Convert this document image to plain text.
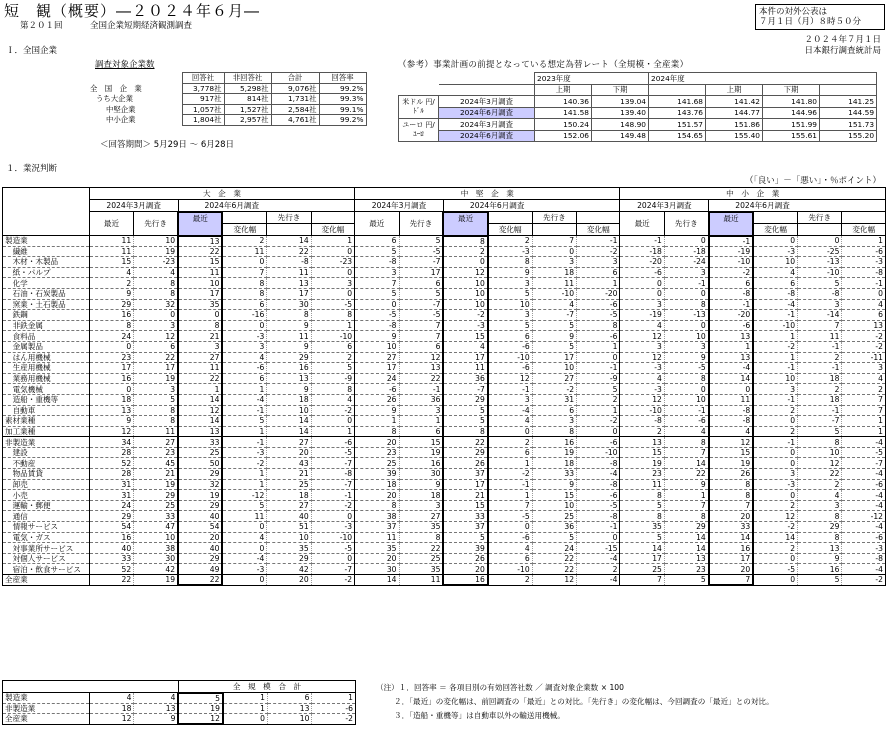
短　観（概要）―２０２４年６月―
第２０１回	全国企業短期経済観測調査
本件の対外公表は
７月１日（月）８時５０分
２０２４年７月１日
日本銀行調査統計局
Ｉ．全国企業
調査対象企業数
	回答社	非回答社	合計	回答率
全　国　企　業	3,778社	5,298社	9,076社	99.2%
うち大企業	917社	814社	1,731社	99.3%
中堅企業	1,057社	1,527社	2,584社	99.1%
中小企業	1,804社	2,957社	4,761社	99.2%
＜回答期間＞ 5月29日 ～ 6月28日
（参考）事業計画の前提となっている想定為替レート（全規模・全産業）
		2023年度		2024年度			
		上期	下期		上期	下期	
米ドル 円/ﾄﾞﾙ	2024年3月調査	140.36	139.04	141.68	141.42	141.80	141.25
	2024年6月調査	141.58	139.40	143.76	144.77	144.96	144.59
ユーロ 円/ﾕｰﾛ	2024年3月調査	150.24	148.90	151.57	151.86	151.99	151.73
	2024年6月調査	152.06	149.48	154.65	155.40	155.61	155.20
１．業況判断
（「良い」－「悪い」・％ポイント）
	大　企　業						中　堅　企　業						中　小　企　業					
	2024年3月調査		2024年6月調査				2024年3月調査		2024年6月調査				2024年3月調査		2024年6月調査			
	最近	先行き	最近		先行き		最近	先行き	最近		先行き		最近	先行き	最近		先行き	
				変化幅		変化幅				変化幅		変化幅				変化幅		変化幅
製造業	11	10	13	2	14	1	6	5	8	2	7	-1	-1	0	-1	0	0	1
　繊維	11	19	22	11	22	0	5	-5	2	-3	0	-2	-18	-18	-19	-3	-25	-6
　木材・木製品	15	-23	15	0	-8	-23	-8	-7	0	8	3	3	-20	-24	-10	10	-13	-3
　紙・パルプ	4	4	11	7	11	0	3	17	12	9	18	6	-6	3	-2	4	-10	-8
　化学	2	8	10	8	13	3	7	6	10	3	11	1	0	-1	6	6	5	-1
　石油・石炭製品	9	8	17	8	17	0	5	5	10	5	-10	-20	0	0	-8	-8	-8	0
　窯業・土石製品	29	32	35	6	30	-5	0	-7	10	10	4	-6	3	8	-1	-4	3	4
　鉄鋼	16	0	0	-16	8	8	-5	-5	-2	3	-7	-5	-19	-13	-20	-1	-14	6
　非鉄金属	8	3	8	0	9	1	-8	7	-3	5	5	8	4	0	-6	-10	7	13
　食料品	24	12	21	-3	11	-10	9	7	15	6	9	-6	12	10	13	1	11	-2
　金属製品	0	6	3	3	9	6	10	6	4	-6	5	1	3	3	1	-2	-1	-2
　はん用機械	23	22	27	4	29	2	27	12	17	-10	17	0	12	9	13	1	2	-11
　生産用機械	17	17	11	-6	16	5	17	13	11	-6	10	-1	-3	-5	-4	-1	-1	3
　業務用機械	16	19	22	6	13	-9	24	22	36	12	27	-9	4	8	14	10	18	4
　電気機械	0	3	1	1	9	8	-6	-1	-7	-1	-2	5	-3	0	0	3	2	2
　造船・重機等	18	5	14	-4	18	4	26	36	29	3	31	2	12	10	11	-1	18	7
　自動車	13	8	12	-1	10	-2	9	3	5	-4	6	1	-10	-1	-8	2	-1	7
素材業種	9	8	14	5	14	0	1	1	5	4	3	-2	-8	-6	-8	0	-7	1
加工業種	12	11	13	1	14	1	8	6	8	0	8	0	2	4	4	2	5	1
非製造業	34	27	33	-1	27	-6	20	15	22	2	16	-6	13	8	12	-1	8	-4
　建設	28	23	25	-3	20	-5	23	19	29	6	19	-10	15	7	15	0	10	-5
　不動産	52	45	50	-2	43	-7	25	16	26	1	18	-8	19	14	19	0	12	-7
　物品賃貸	28	21	29	1	21	-8	39	30	37	-2	33	-4	23	22	26	3	22	-4
　卸売	31	19	32	1	25	-7	18	9	17	-1	9	-8	11	9	8	-3	2	-6
　小売	31	29	19	-12	18	-1	20	18	21	1	15	-6	8	1	8	0	4	-4
　運輸・郵便	24	25	29	5	27	-2	8	3	15	7	10	-5	5	7	7	2	3	-4
　通信	29	33	40	11	40	0	38	27	33	-5	25	-8	8	8	20	12	8	-12
　情報サービス	54	47	54	0	51	-3	37	35	37	0	36	-1	35	29	33	-2	29	-4
　電気・ガス	16	10	20	4	10	-10	11	8	5	-6	5	0	5	14	14	14	8	-6
　対事業所サービス	40	38	40	0	35	-5	35	22	39	4	24	-15	14	14	16	2	13	-3
　対個人サービス	33	30	29	-4	29	0	20	25	26	6	22	-4	17	13	17	0	9	-8
　宿泊・飲食サービス	52	42	49	-3	42	-7	30	35	20	-10	22	2	25	23	20	-5	16	-4
全産業	22	19	22	0	20	-2	14	11	16	2	12	-4	7	5	7	0	5	-2
			全　規　模　合　計			
製造業	4	4	5	1	6	1
非製造業	18	13	19	1	13	-6
全産業	12	9	12	0	10	-2
（注）１．回答率 ＝ 各項目別の有効回答社数 ／ 調査対象企業数 × 100
２．「最近」の変化幅は、前回調査の「最近」との対比。「先行き」の変化幅は、今回調査の「最近」との対比。
３．「造船・重機等」は自動車以外の輸送用機械。
